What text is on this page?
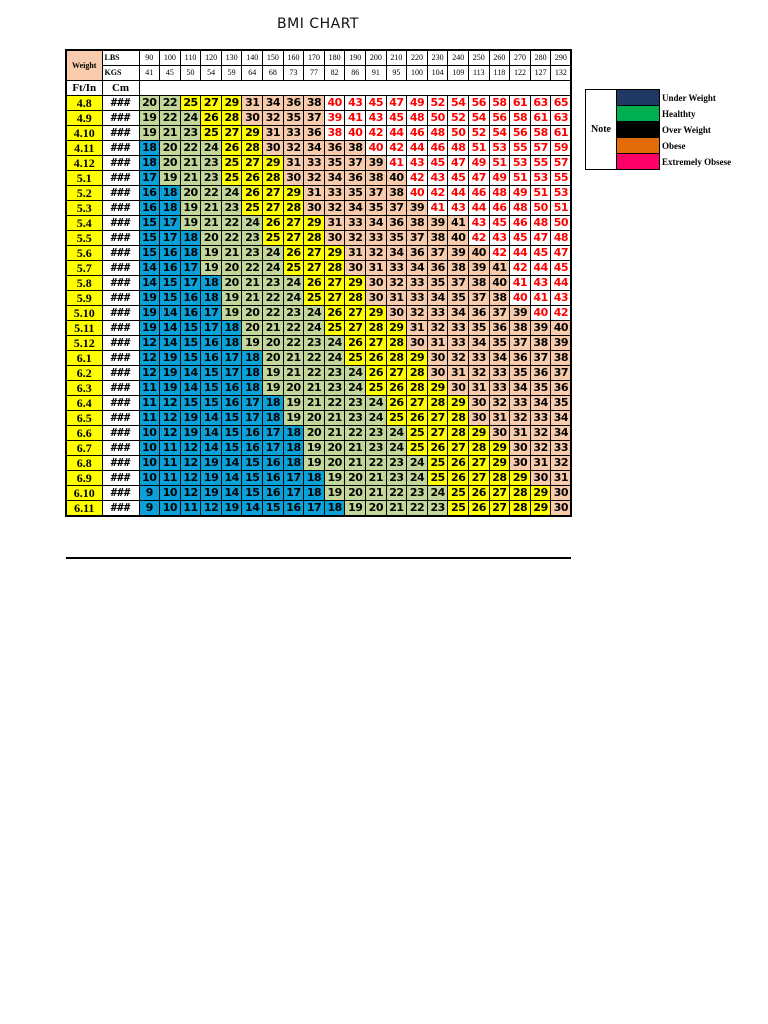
BMI CHART
Weight	LBS	90	100	110	120	130	140	150	160	170	180	190	200	210	220	230	240	250	260	270	280	290
	KGS	41	45	50	54	59	64	68	73	77	82	86	91	95	100	104	109	113	118	122	127	132
Ft/In	Cm																					
4.8	###	20	22	25	27	29	31	34	36	38	40	43	45	47	49	52	54	56	58	61	63	65
4.9	###	19	22	24	26	28	30	32	35	37	39	41	43	45	48	50	52	54	56	58	61	63
4.10	###	19	21	23	25	27	29	31	33	36	38	40	42	44	46	48	50	52	54	56	58	61
4.11	###	18	20	22	24	26	28	30	32	34	36	38	40	42	44	46	48	51	53	55	57	59
4.12	###	18	20	21	23	25	27	29	31	33	35	37	39	41	43	45	47	49	51	53	55	57
5.1	###	17	19	21	23	25	26	28	30	32	34	36	38	40	42	43	45	47	49	51	53	55
5.2	###	16	18	20	22	24	26	27	29	31	33	35	37	38	40	42	44	46	48	49	51	53
5.3	###	16	18	19	21	23	25	27	28	30	32	34	35	37	39	41	43	44	46	48	50	51
5.4	###	15	17	19	21	22	24	26	27	29	31	33	34	36	38	39	41	43	45	46	48	50
5.5	###	15	17	18	20	22	23	25	27	28	30	32	33	35	37	38	40	42	43	45	47	48
5.6	###	15	16	18	19	21	23	24	26	27	29	31	32	34	36	37	39	40	42	44	45	47
5.7	###	14	16	17	19	20	22	24	25	27	28	30	31	33	34	36	38	39	41	42	44	45
5.8	###	14	15	17	18	20	21	23	24	26	27	29	30	32	33	35	37	38	40	41	43	44
5.9	###	19	15	16	18	19	21	22	24	25	27	28	30	31	33	34	35	37	38	40	41	43
5.10	###	19	14	16	17	19	20	22	23	24	26	27	29	30	32	33	34	36	37	39	40	42
5.11	###	19	14	15	17	18	20	21	22	24	25	27	28	29	31	32	33	35	36	38	39	40
5.12	###	12	14	15	16	18	19	20	22	23	24	26	27	28	30	31	33	34	35	37	38	39
6.1	###	12	19	15	16	17	18	20	21	22	24	25	26	28	29	30	32	33	34	36	37	38
6.2	###	12	19	14	15	17	18	19	21	22	23	24	26	27	28	30	31	32	33	35	36	37
6.3	###	11	19	14	15	16	18	19	20	21	23	24	25	26	28	29	30	31	33	34	35	36
6.4	###	11	12	15	15	16	17	18	19	21	22	23	24	26	27	28	29	30	32	33	34	35
6.5	###	11	12	19	14	15	17	18	19	20	21	23	24	25	26	27	28	30	31	32	33	34
6.6	###	10	12	19	14	15	16	17	18	20	21	22	23	24	25	27	28	29	30	31	32	34
6.7	###	10	11	12	14	15	16	17	18	19	20	21	23	24	25	26	27	28	29	30	32	33
6.8	###	10	11	12	19	14	15	16	18	19	20	21	22	23	24	25	26	27	29	30	31	32
6.9	###	10	11	12	19	14	15	16	17	18	19	20	21	23	24	25	26	27	28	29	30	31
6.10	###	9	10	12	19	14	15	16	17	18	19	20	21	22	23	24	25	26	27	28	29	30
6.11	###	9	10	11	12	19	14	15	16	17	18	19	20	21	22	23	25	26	27	28	29	30
Note		Under Weight
		Healthty
		Over Weight
		Obese
		Extremely Obsese
